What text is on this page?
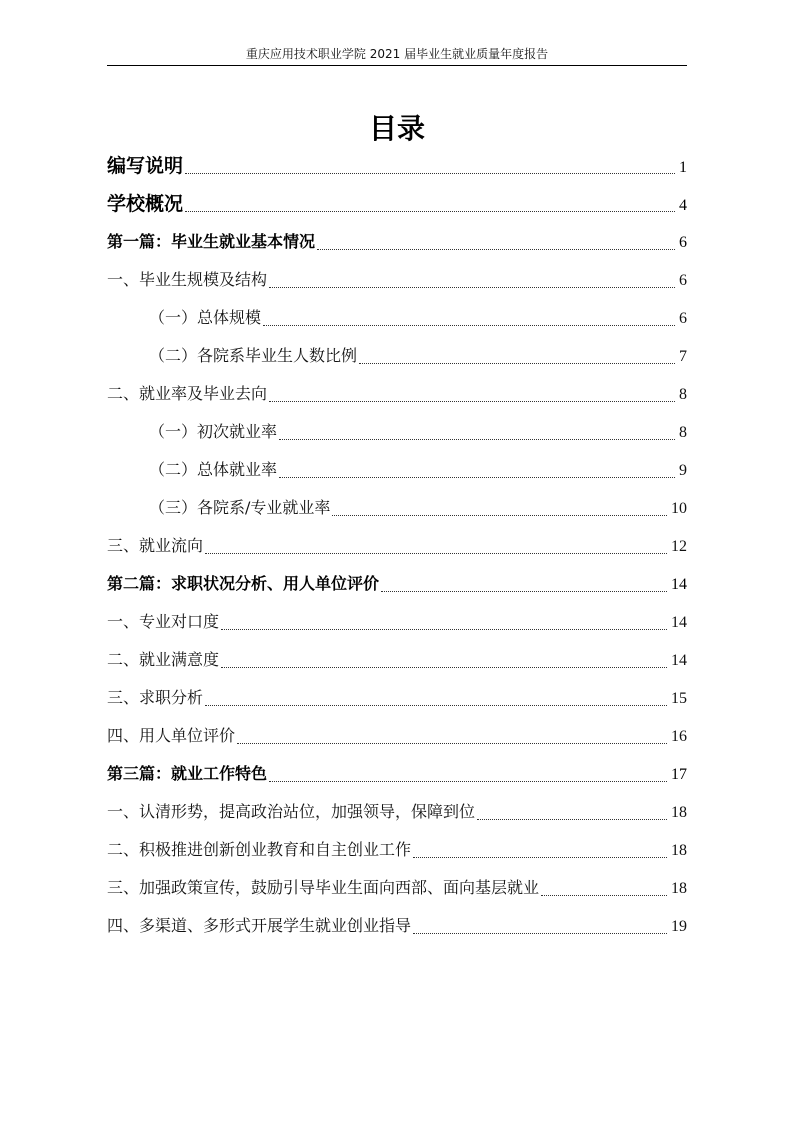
重庆应用技术职业学院 2021 届毕业生就业质量年度报告
目录
编写说明	1
学校概况	4
第一篇：毕业生就业基本情况	6
一、毕业生规模及结构	6
（一）总体规模	6
（二）各院系毕业生人数比例	7
二、就业率及毕业去向	8
（一）初次就业率	8
（二）总体就业率	9
（三）各院系/专业就业率	10
三、就业流向	12
第二篇：求职状况分析、用人单位评价	14
一、专业对口度	14
二、就业满意度	14
三、求职分析	15
四、用人单位评价	16
第三篇：就业工作特色	17
一、认清形势，提高政治站位，加强领导，保障到位	18
二、积极推进创新创业教育和自主创业工作	18
三、加强政策宣传，鼓励引导毕业生面向西部、面向基层就业	18
四、多渠道、多形式开展学生就业创业指导	19
